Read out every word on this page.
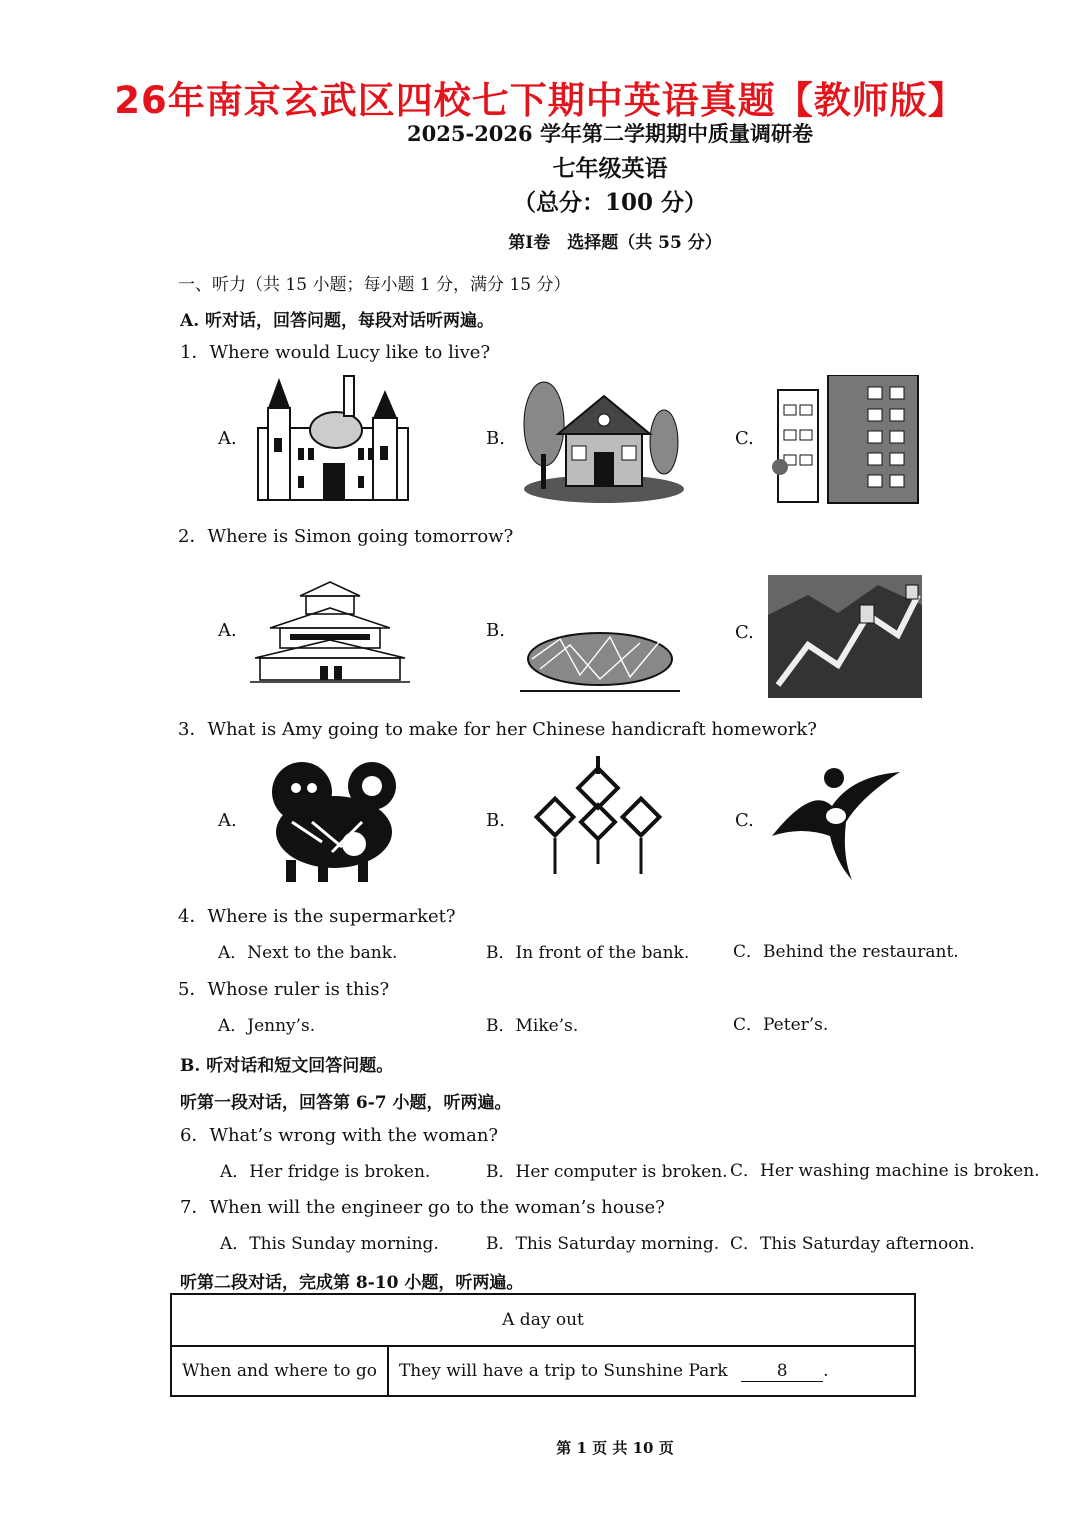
26年南京玄武区四校七下期中英语真题【教师版】
2025-2026 学年第二学期期中质量调研卷
七年级英语
（总分：100 分）
第Ⅰ卷　选择题（共 55 分）
一、听力（共 15 小题；每小题 1 分，满分 15 分）
A. 听对话，回答问题，每段对话听两遍。
1．Where would Lucy like to live?
A.	B.	C.
2．Where is Simon going tomorrow?
A.	B.	C.
3．What is Amy going to make for her Chinese handicraft homework?
A.	B.	C.
4．Where is the supermarket?
A．Next to the bank.	B．In front of the bank.	C．Behind the restaurant.
5．Whose ruler is this?
A．Jenny’s.	B．Mike’s.	C．Peter’s.
B. 听对话和短文回答问题。
听第一段对话，回答第 6-7 小题，听两遍。
6．What’s wrong with the woman?
A．Her fridge is broken.	B．Her computer is broken. C．Her washing machine is broken.
7．When will the engineer go to the woman’s house?
A．This Sunday morning.	B．This Saturday morning. C．This Saturday afternoon.
听第二段对话，完成第 8-10 小题，听两遍。
A day out
When and where to go	They will have a trip to Sunshine Park	8 .
第 1 页 共 10 页
